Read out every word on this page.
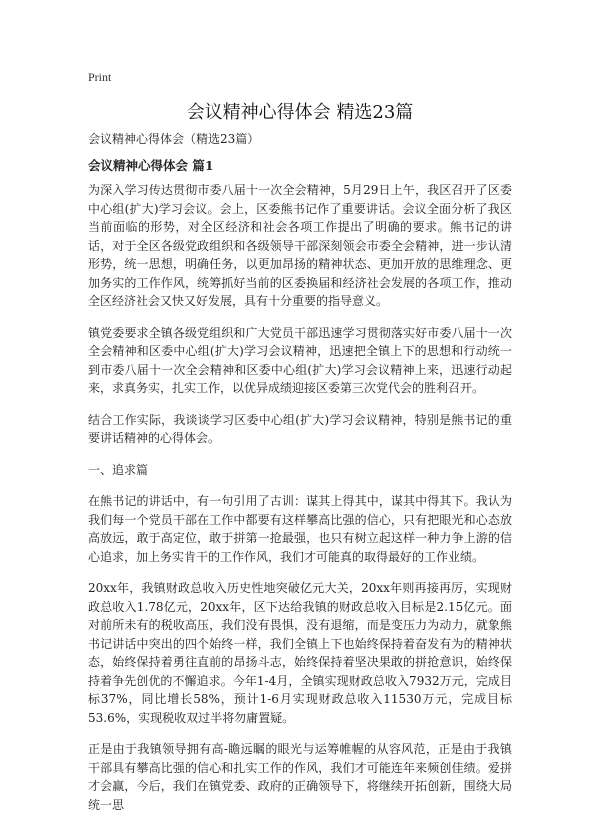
Print
会议精神心得体会 精选23篇

会议精神心得体会（精选23篇）

会议精神心得体会 篇1

为深入学习传达贯彻市委八届十一次全会精神，5月29日上午，我区召开了区委中心组(扩大)学习会议。会上，区委熊书记作了重要讲话。会议全面分析了我区当前面临的形势，对全区经济和社会各项工作提出了明确的要求。熊书记的讲话，对于全区各级党政组织和各级领导干部深刻领会市委全会精神，进一步认清形势，统一思想，明确任务，以更加昂扬的精神状态、更加开放的思维理念、更加务实的工作作风，统筹抓好当前的区委换届和经济社会发展的各项工作，推动全区经济社会又快又好发展，具有十分重要的指导意义。

镇党委要求全镇各级党组织和广大党员干部迅速学习贯彻落实好市委八届十一次全会精神和区委中心组(扩大)学习会议精神，迅速把全镇上下的思想和行动统一到市委八届十一次全会精神和区委中心组(扩大)学习会议精神上来，迅速行动起来，求真务实，扎实工作，以优异成绩迎接区委第三次党代会的胜利召开。

结合工作实际，我谈谈学习区委中心组(扩大)学习会议精神，特别是熊书记的重要讲话精神的心得体会。

一、追求篇

在熊书记的讲话中，有一句引用了古训：谋其上得其中，谋其中得其下。我认为我们每一个党员干部在工作中都要有这样攀高比强的信心，只有把眼光和心态放高放远，敢于高定位，敢于拼第一抢最强，也只有树立起这样一种力争上游的信心追求，加上务实肯干的工作作风，我们才可能真的取得最好的工作业绩。

20xx年，我镇财政总收入历史性地突破亿元大关，20xx年则再接再厉，实现财政总收入1.78亿元，20xx年，区下达给我镇的财政总收入目标是2.15亿元。面对前所未有的税收高压，我们没有畏惧，没有退缩，而是变压力为动力，就象熊书记讲话中突出的四个始终一样，我们全镇上下也始终保持着奋发有为的精神状态，始终保持着勇往直前的昂扬斗志，始终保持着坚决果敢的拼抢意识，始终保持着争先创优的不懈追求。今年1-4月，全镇实现财政总收入7932万元，完成目标37%，同比增长58%，预计1-6月实现财政总收入11530万元，完成目标53.6%，实现税收双过半将勿庸置疑。

正是由于我镇领导拥有高-瞻远瞩的眼光与运筹帷幄的从容风范，正是由于我镇干部具有攀高比强的信心和扎实工作的作风，我们才可能连年来频创佳绩。爱拼才会赢，今后，我们在镇党委、政府的正确领导下，将继续开拓创新，围绕大局统一思
